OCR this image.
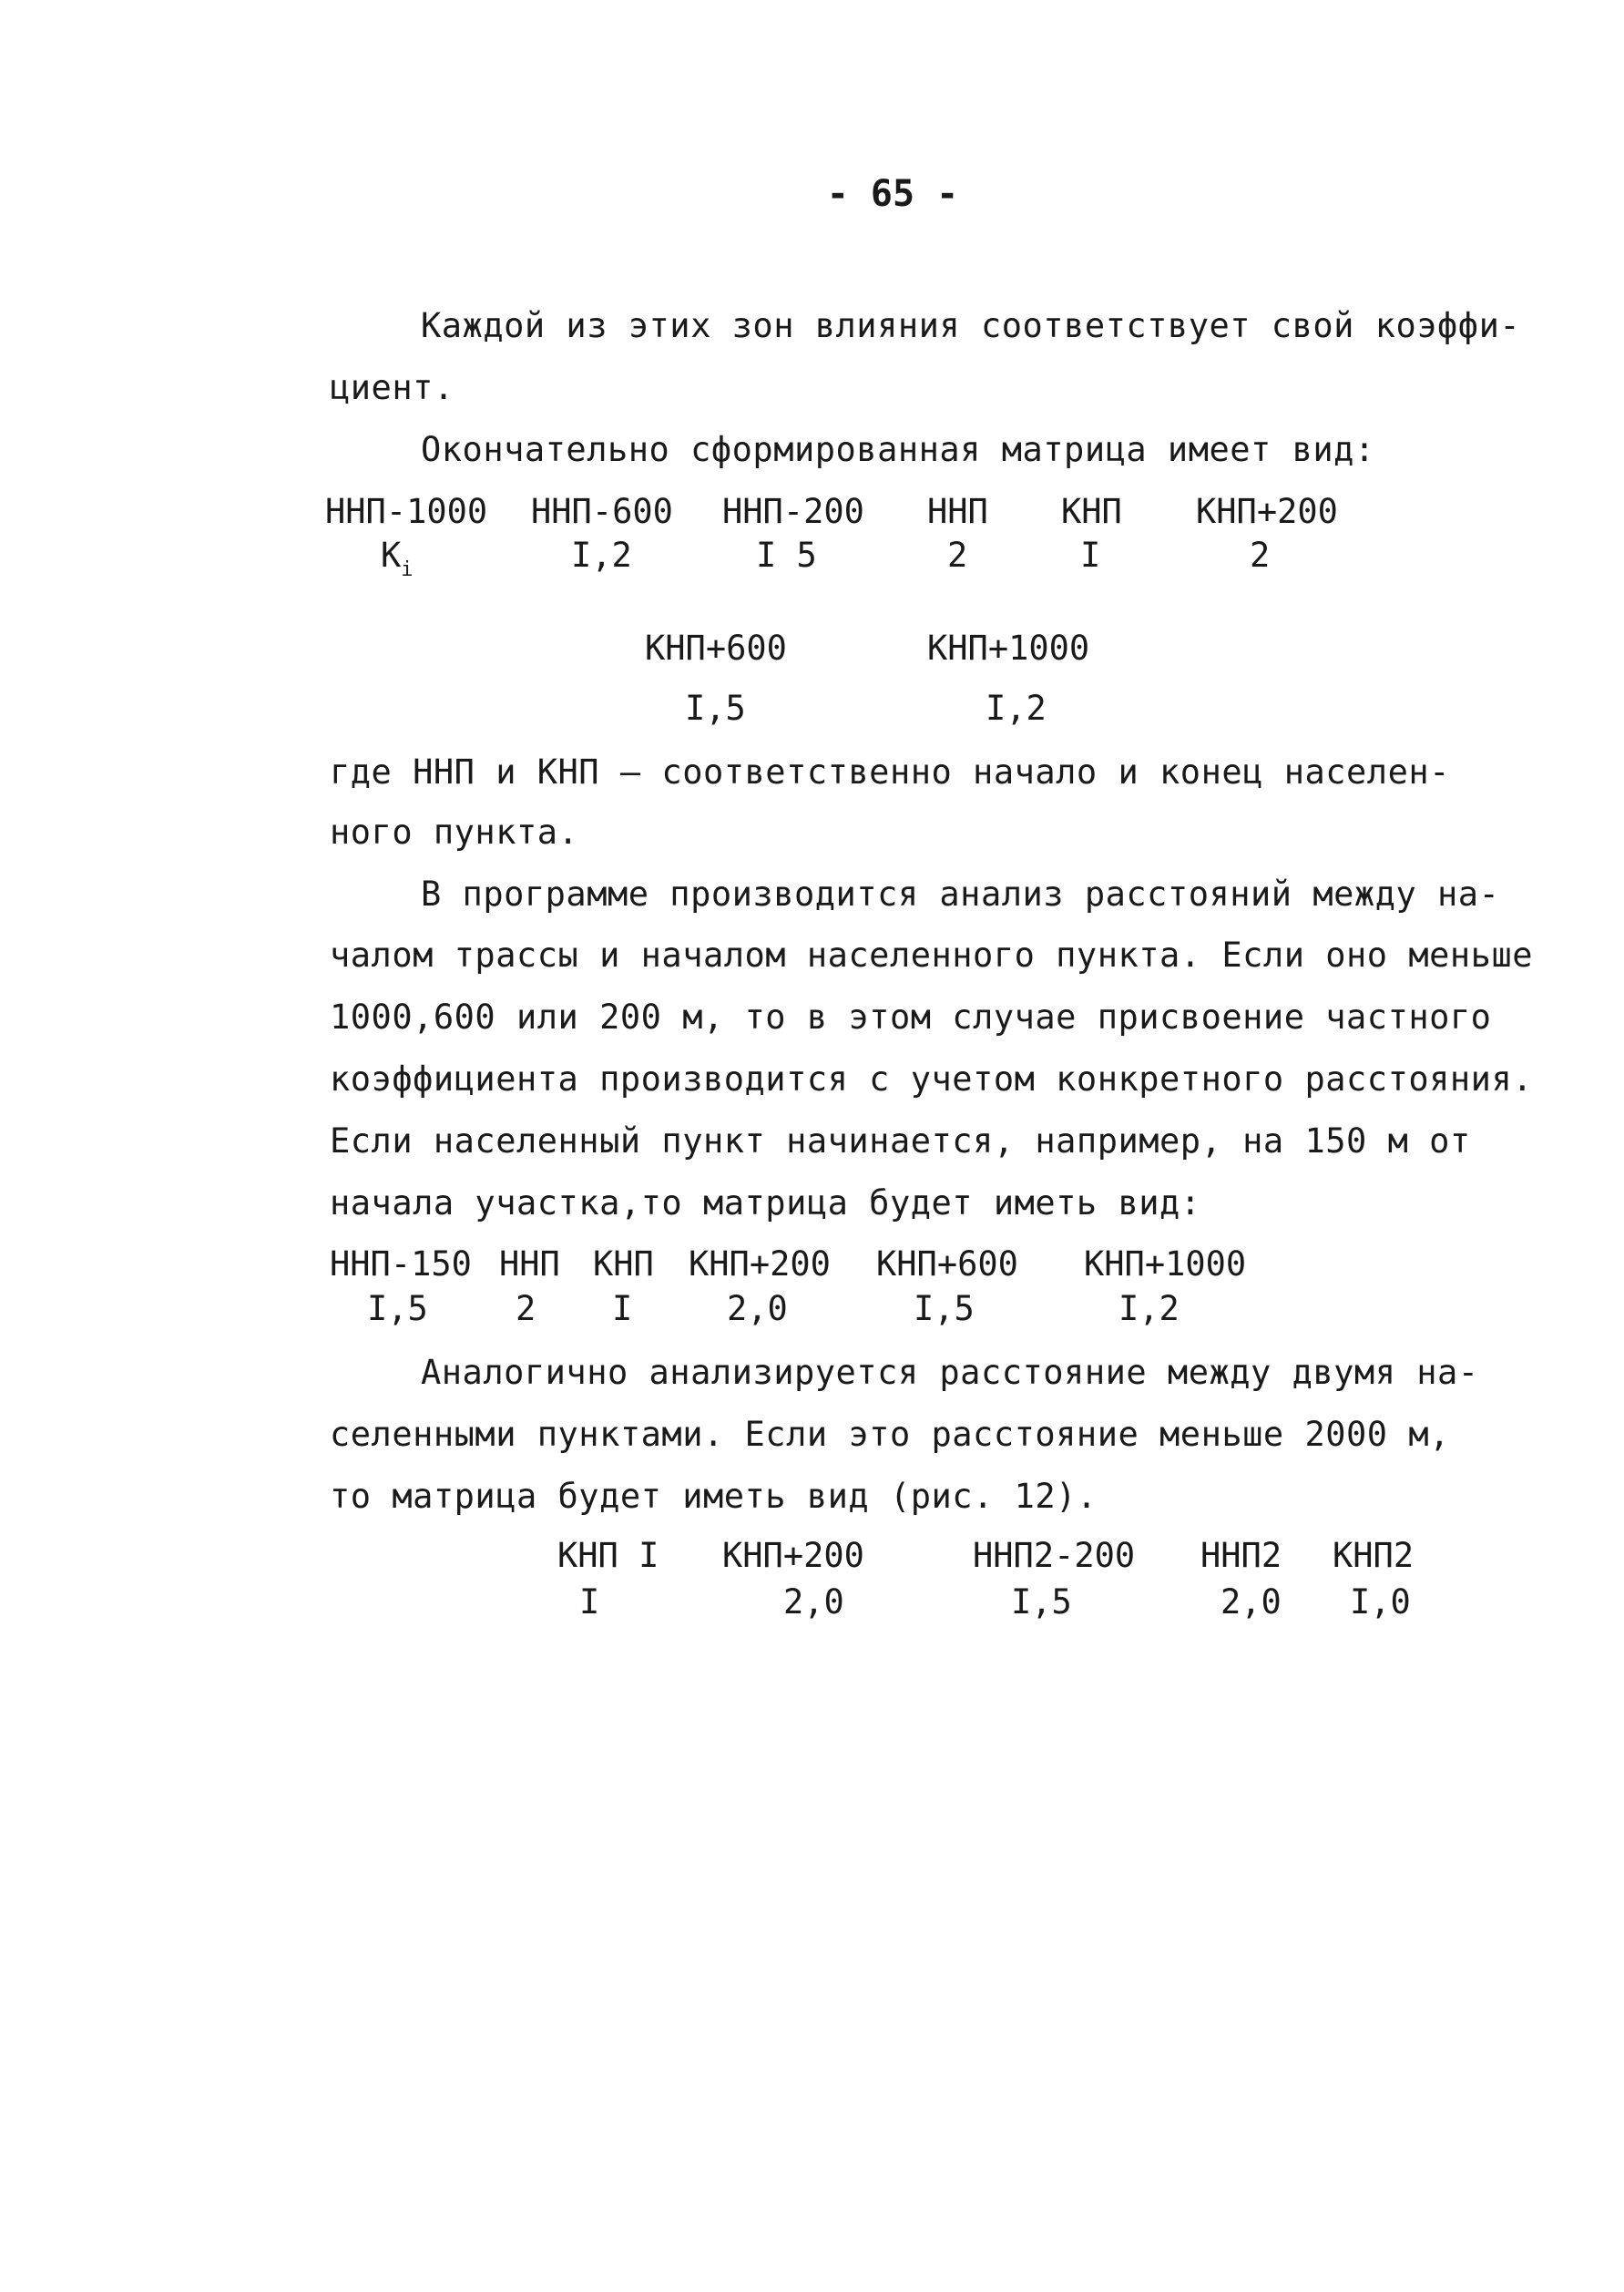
- 65 -
Каждой из этих зон влияния соответствует свой коэффи-
циент.
Окончательно сформированная матрица имеет вид:
ННП-1000 ННП-600 ННП-200 ННП КНП КНП+200
$K_i$	I,2	I 5	2	I	2
КНП+600	КНП+1000
I,5	I,2
где ННП и КНП – соответственно начало и конец населен-
ного пункта.
В программе производится анализ расстояний между на-
чалом трассы и началом населенного пункта. Если оно меньше
1000,600 или 200 м, то в этом случае присвоение частного
коэффициента производится с учетом конкретного расстояния.
Если населенный пункт начинается, например, на 150 м от
начала участка,то матрица будет иметь вид:
ННП-150 ННП КНП КНП+200 КНП+600 КНП+1000
I,5	2 I	2,0	I,5	I,2
Аналогично анализируется расстояние между двумя на-
селенными пунктами. Если это расстояние меньше 2000 м,
то матрица будет иметь вид (рис. 12).
КНП I КНП+200	ННП2-200 ННП2 КНП2
I	2,0	I,5	2,0 I,0
